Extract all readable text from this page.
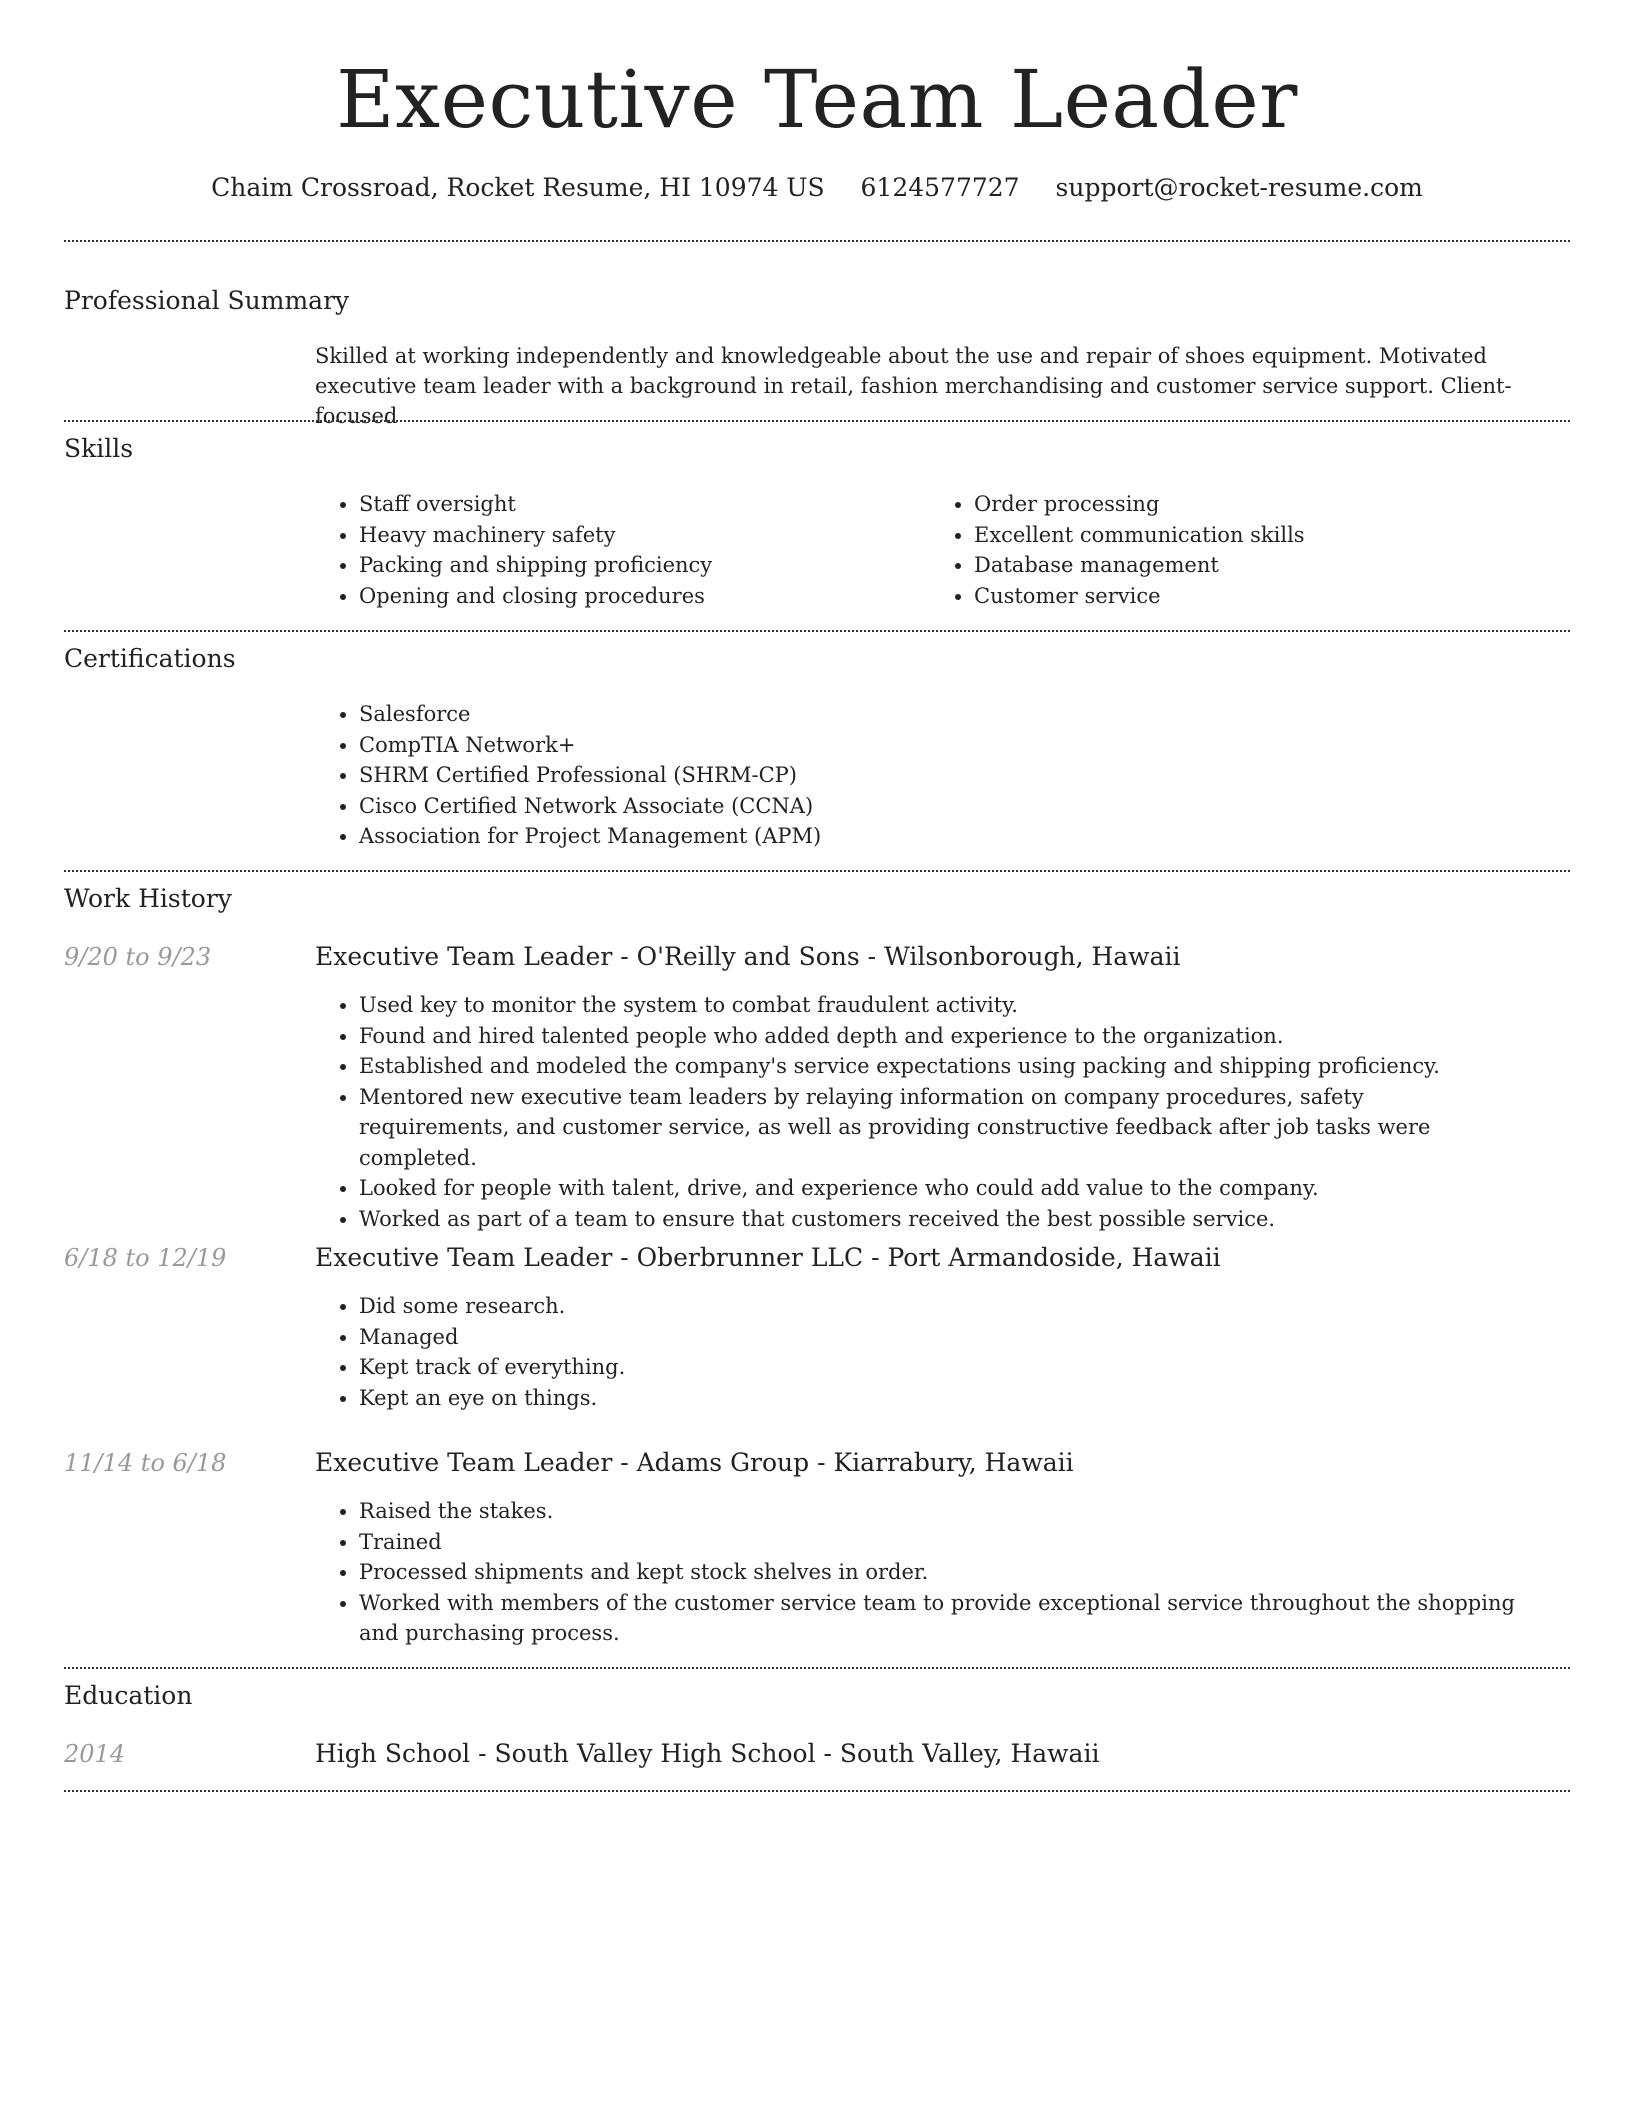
Executive Team Leader
Chaim Crossroad, Rocket Resume, HI 10974 US 6124577727 support@rocket-resume.com
Professional Summary
Skilled at working independently and knowledgeable about the use and repair of shoes equipment. Motivated executive team leader with a background in retail, fashion merchandising and customer service support. Client-focused
Skills
• Staff oversight
• Heavy machinery safety
• Packing and shipping proficiency
• Opening and closing procedures
• Order processing
• Excellent communication skills
• Database management
• Customer service
Certifications
• Salesforce
• CompTIA Network+
• SHRM Certified Professional (SHRM-CP)
• Cisco Certified Network Associate (CCNA)
• Association for Project Management (APM)
Work History
9/20 to 9/23	Executive Team Leader - O'Reilly and Sons - Wilsonborough, Hawaii
• Used key to monitor the system to combat fraudulent activity.
• Found and hired talented people who added depth and experience to the organization.
• Established and modeled the company's service expectations using packing and shipping proficiency.
• Mentored new executive team leaders by relaying information on company procedures, safety requirements, and customer service, as well as providing constructive feedback after job tasks were completed.
• Looked for people with talent, drive, and experience who could add value to the company.
• Worked as part of a team to ensure that customers received the best possible service.
6/18 to 12/19	Executive Team Leader - Oberbrunner LLC - Port Armandoside, Hawaii
• Did some research.
• Managed
• Kept track of everything.
• Kept an eye on things.
11/14 to 6/18	Executive Team Leader - Adams Group - Kiarrabury, Hawaii
• Raised the stakes.
• Trained
• Processed shipments and kept stock shelves in order.
• Worked with members of the customer service team to provide exceptional service throughout the shopping and purchasing process.
Education
2014	High School - South Valley High School - South Valley, Hawaii
